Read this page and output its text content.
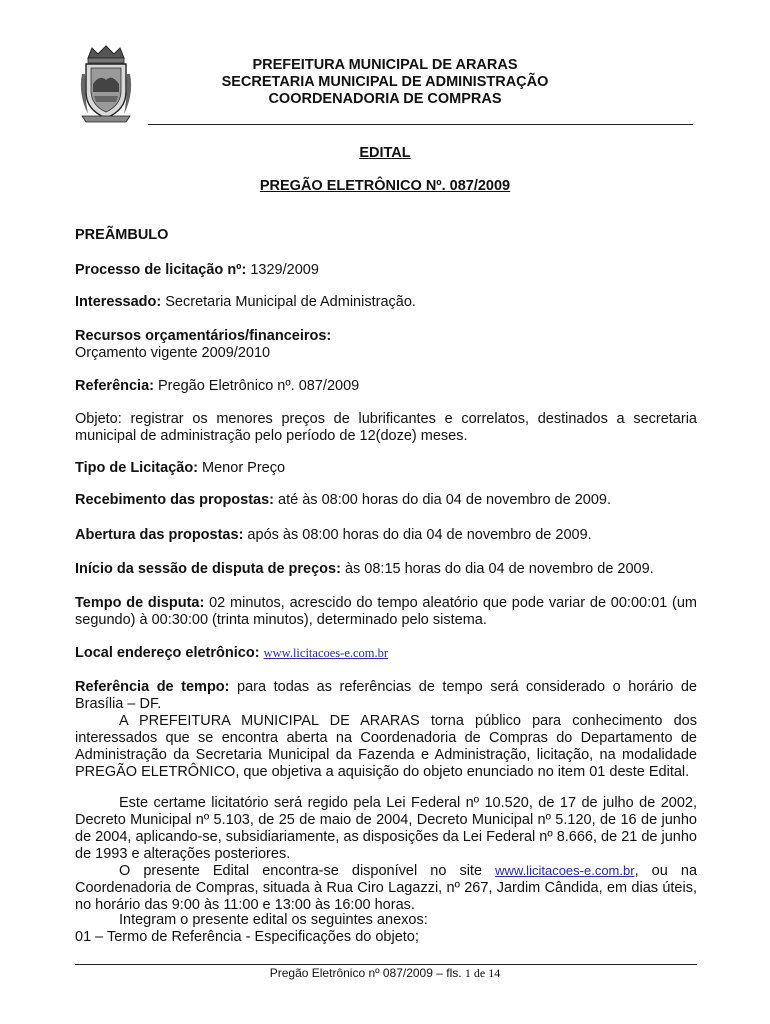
PREFEITURA MUNICIPAL DE ARARAS
SECRETARIA MUNICIPAL DE ADMINISTRAÇÃO
COORDENADORIA DE COMPRAS
EDITAL
PREGÃO ELETRÔNICO Nº. 087/2009
PREÃMBULO
Processo de licitação nº: 1329/2009
Interessado: Secretaria Municipal de Administração.
Recursos orçamentários/financeiros:
Orçamento vigente 2009/2010
Referência: Pregão Eletrônico nº. 087/2009
Objeto: registrar os menores preços de lubrificantes e correlatos, destinados a secretaria municipal de administração pelo período de 12(doze) meses.
Tipo de Licitação: Menor Preço
Recebimento das propostas: até às 08:00 horas do dia 04 de novembro de 2009.
Abertura das propostas: após às 08:00 horas do dia 04 de novembro de 2009.
Início da sessão de disputa de preços: às 08:15 horas do dia 04 de novembro de 2009.
Tempo de disputa: 02 minutos, acrescido do tempo aleatório que pode variar de 00:00:01 (um segundo) à 00:30:00 (trinta minutos), determinado pelo sistema.
Local endereço eletrônico: www.licitacoes-e.com.br
Referência de tempo: para todas as referências de tempo será considerado o horário de Brasília – DF.
A PREFEITURA MUNICIPAL DE ARARAS torna público para conhecimento dos interessados que se encontra aberta na Coordenadoria de Compras do Departamento de Administração da Secretaria Municipal da Fazenda e Administração, licitação, na modalidade PREGÃO ELETRÔNICO, que objetiva a aquisição do objeto enunciado no item 01 deste Edital.
Este certame licitatório será regido pela Lei Federal nº 10.520, de 17 de julho de 2002, Decreto Municipal nº 5.103, de 25 de maio de 2004, Decreto Municipal nº 5.120, de 16 de junho de 2004, aplicando-se, subsidiariamente, as disposições da Lei Federal nº 8.666, de 21 de junho de 1993 e alterações posteriores.
O presente Edital encontra-se disponível no site www.licitacoes-e.com.br, ou na Coordenadoria de Compras, situada à Rua Ciro Lagazzi, nº 267, Jardim Cândida, em dias úteis, no horário das 9:00 às 11:00 e 13:00 às 16:00 horas.
Integram o presente edital os seguintes anexos:
01 – Termo de Referência - Especificações do objeto;
Pregão Eletrônico nº 087/2009 – fls. 1 de 14
